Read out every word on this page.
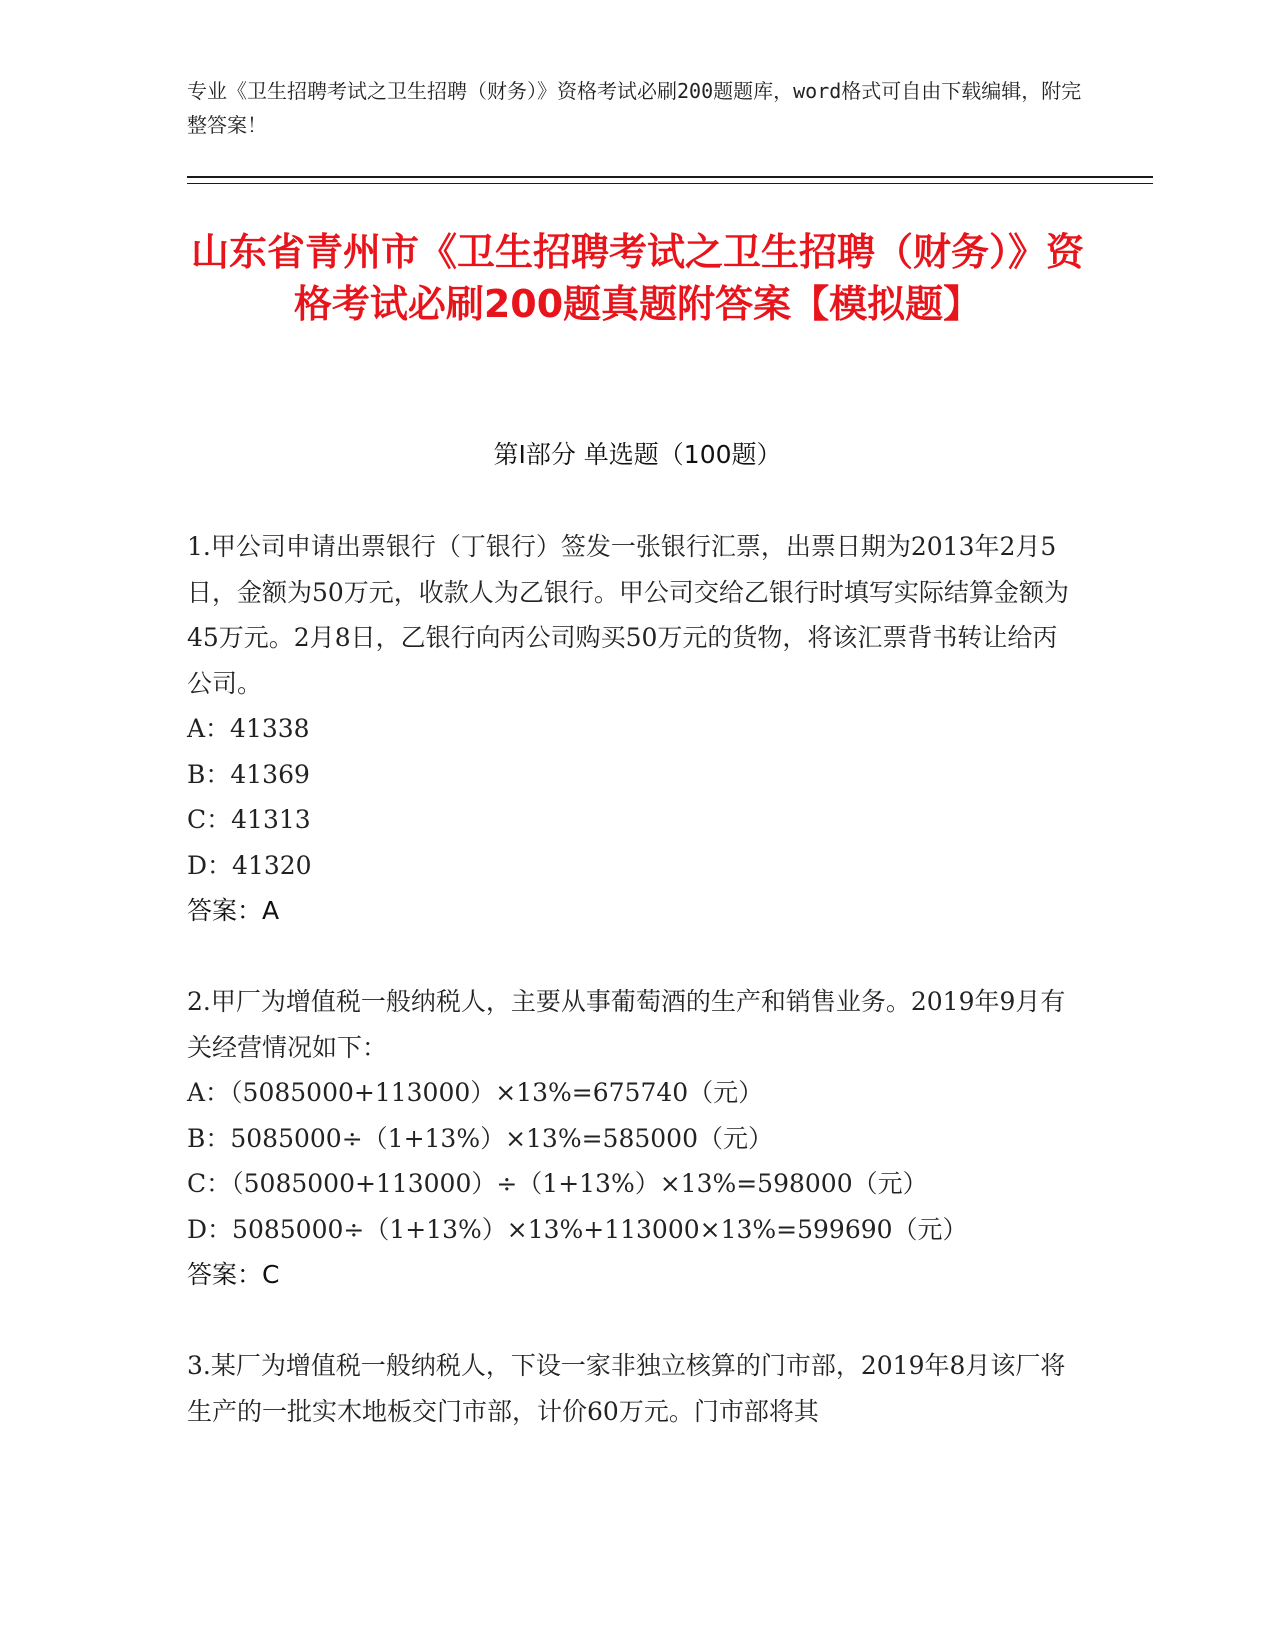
专业《卫生招聘考试之卫生招聘（财务）》资格考试必刷200题题库，word格式可自由下载编辑，附完整答案！
山东省青州市《卫生招聘考试之卫生招聘（财务）》资格考试必刷200题真题附答案【模拟题】
第I部分 单选题（100题）
1.甲公司申请出票银行（丁银行）签发一张银行汇票，出票日期为2013年2月5日，金额为50万元，收款人为乙银行。甲公司交给乙银行时填写实际结算金额为45万元。2月8日，乙银行向丙公司购买50万元的货物，将该汇票背书转让给丙公司。
A：41338
B：41369
C：41313
D：41320
答案：A
2.甲厂为增值税一般纳税人，主要从事葡萄酒的生产和销售业务。2019年9月有关经营情况如下：
A：（5085000+113000）×13%=675740（元）
B：5085000÷（1+13%）×13%=585000（元）
C：（5085000+113000）÷（1+13%）×13%=598000（元）
D：5085000÷（1+13%）×13%+113000×13%=599690（元）
答案：C
3.某厂为增值税一般纳税人，下设一家非独立核算的门市部，2019年8月该厂将生产的一批实木地板交门市部，计价60万元。门市部将其
